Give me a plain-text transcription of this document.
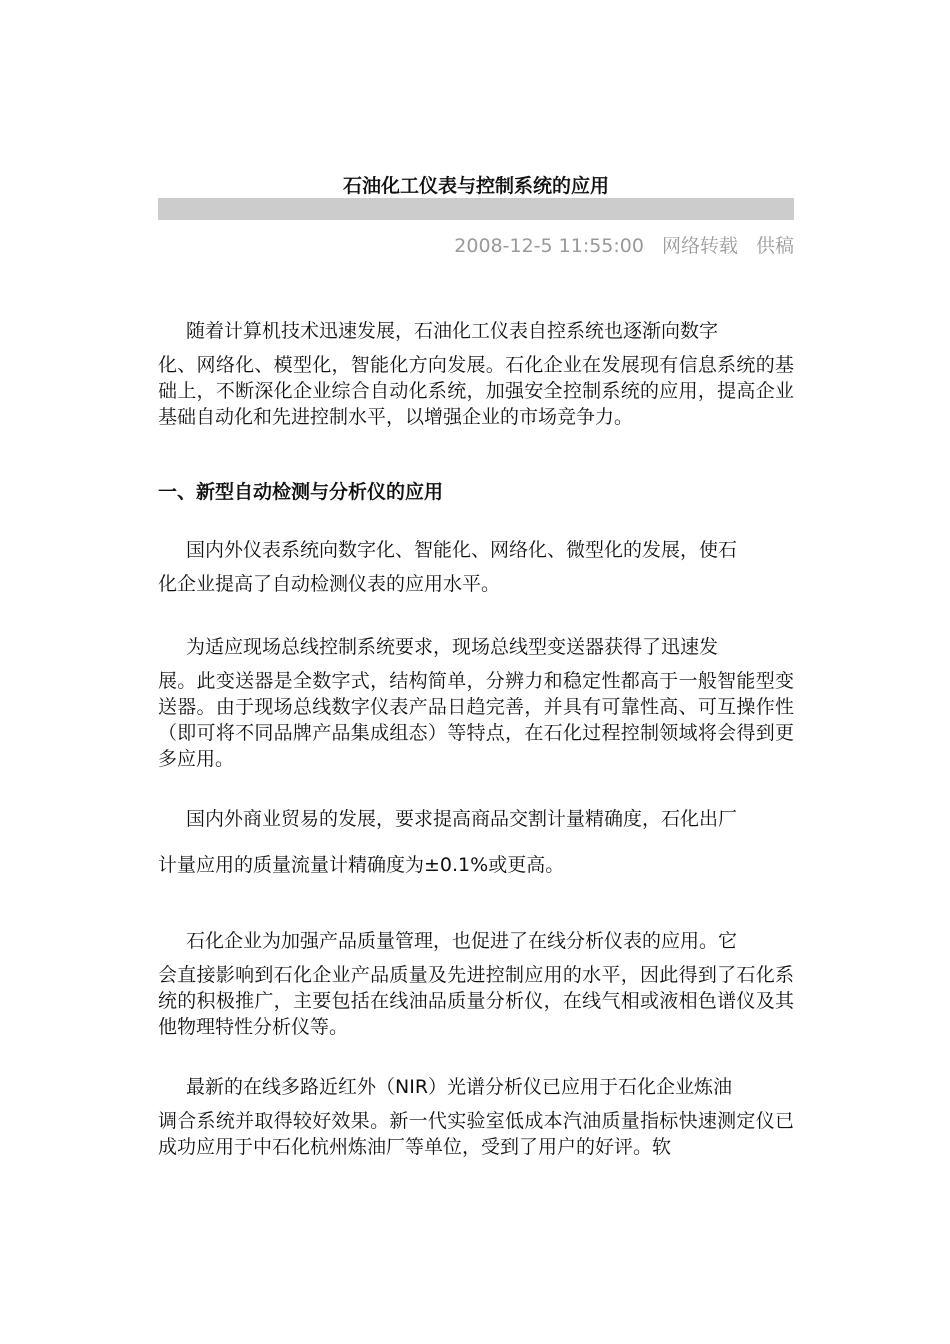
石油化工仪表与控制系统的应用
2008-12-5 11:55:00 网络转载 供稿
随着计算机技术迅速发展，石油化工仪表自控系统也逐渐向数字
化、网络化、模型化，智能化方向发展。石化企业在发展现有信息系统的基础上，不断深化企业综合自动化系统，加强安全控制系统的应用，提高企业基础自动化和先进控制水平，以增强企业的市场竞争力。
一、新型自动检测与分析仪的应用
国内外仪表系统向数字化、智能化、网络化、微型化的发展，使石
化企业提高了自动检测仪表的应用水平。
为适应现场总线控制系统要求，现场总线型变送器获得了迅速发
展。此变送器是全数字式，结构简单，分辨力和稳定性都高于一般智能型变送器。由于现场总线数字仪表产品日趋完善，并具有可靠性高、可互操作性（即可将不同品牌产品集成组态）等特点，在石化过程控制领域将会得到更多应用。
国内外商业贸易的发展，要求提高商品交割计量精确度，石化出厂
计量应用的质量流量计精确度为±0.1%或更高。
石化企业为加强产品质量管理，也促进了在线分析仪表的应用。它
会直接影响到石化企业产品质量及先进控制应用的水平，因此得到了石化系统的积极推广，主要包括在线油品质量分析仪，在线气相或液相色谱仪及其他物理特性分析仪等。
最新的在线多路近红外（NIR）光谱分析仪已应用于石化企业炼油
调合系统并取得较好效果。新一代实验室低成本汽油质量指标快速测定仪已成功应用于中石化杭州炼油厂等单位，受到了用户的好评。软
